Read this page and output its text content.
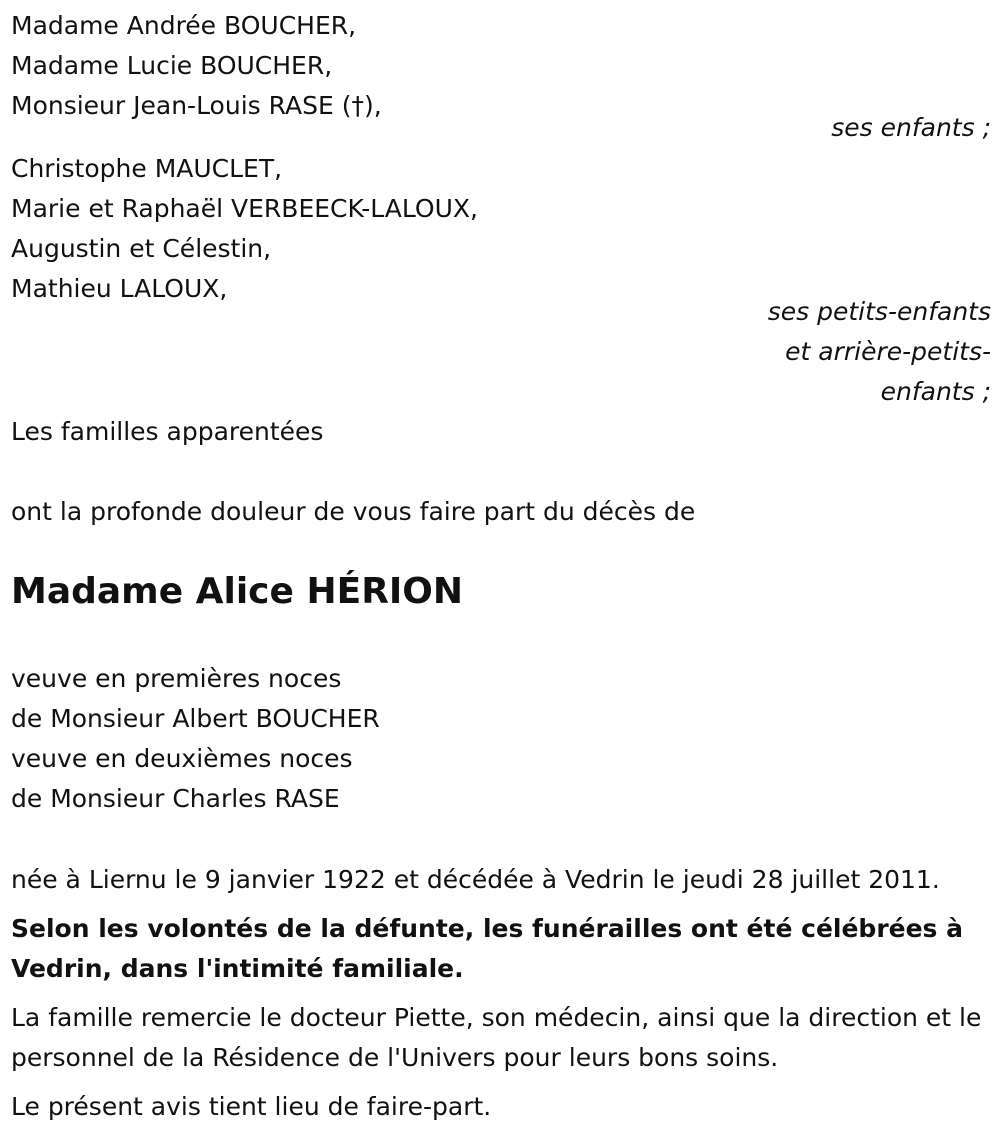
Madame Andrée BOUCHER,

Madame Lucie BOUCHER,

Monsieur Jean-Louis RASE (†),

ses enfants ;

Christophe MAUCLET,

Marie et Raphaël VERBEECK-LALOUX,

Augustin et Célestin,

Mathieu LALOUX,

ses petits-enfants

et arrière-petits-

enfants ;

Les familles apparentées

ont la profonde douleur de vous faire part du décès de

Madame Alice HÉRION

veuve en premières noces

de Monsieur Albert BOUCHER

veuve en deuxièmes noces

de Monsieur Charles RASE

née à Liernu le 9 janvier 1922 et décédée à Vedrin le jeudi 28 juillet 2011.

Selon les volontés de la défunte, les funérailles ont été célébrées à Vedrin, dans l'intimité familiale.

La famille remercie le docteur Piette, son médecin, ainsi que la direction et le personnel de la Résidence de l'Univers pour leurs bons soins.

Le présent avis tient lieu de faire-part.
